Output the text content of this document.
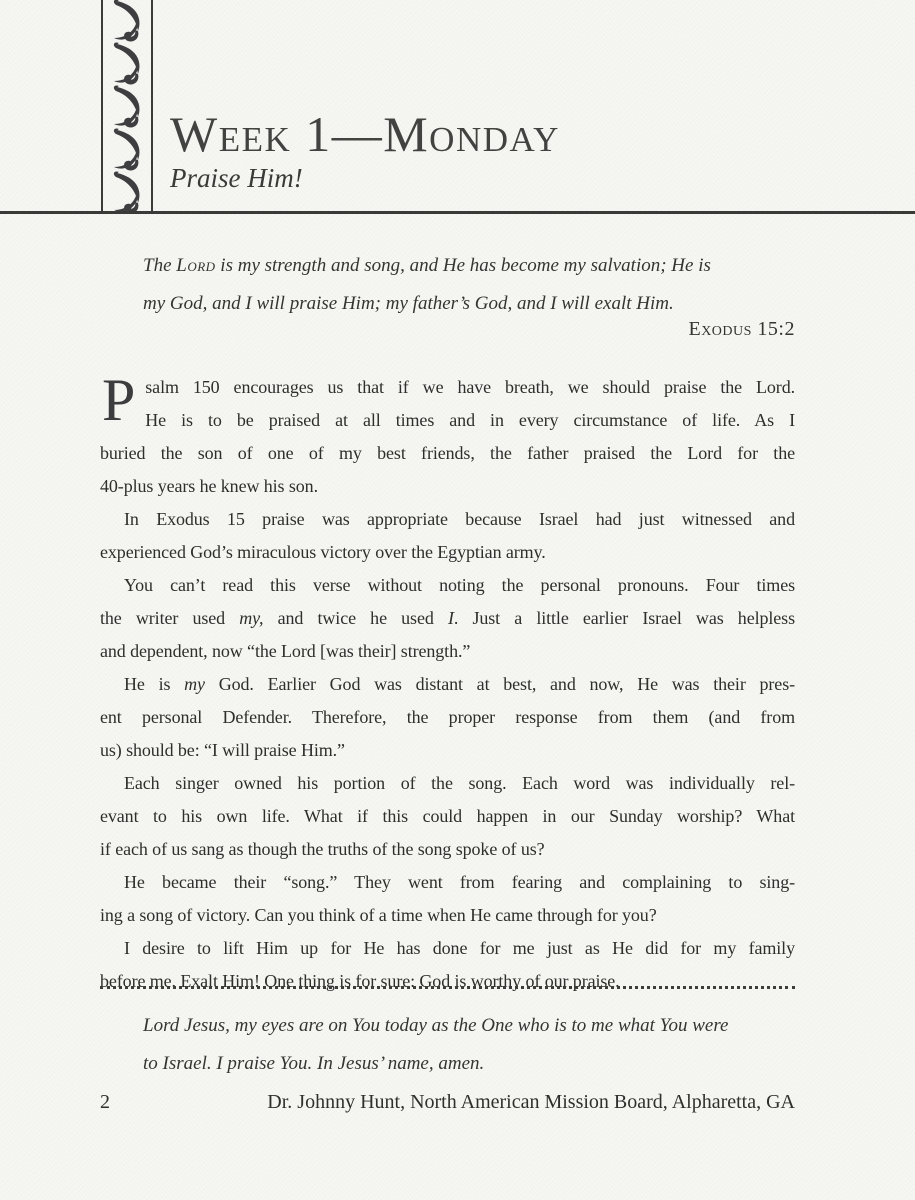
Week 1—Monday
Praise Him!
The Lord is my strength and song, and He has become my salvation; He is
my God, and I will praise Him; my father’s God, and I will exalt Him.
Exodus 15:2
P salm 150 encourages us that if we have breath, we should praise the Lord.
He is to be praised at all times and in every circumstance of life. As I
buried the son of one of my best friends, the father praised the Lord for the
40-plus years he knew his son.
In Exodus 15 praise was appropriate because Israel had just witnessed and
experienced God’s miraculous victory over the Egyptian army.
You can’t read this verse without noting the personal pronouns. Four times
the writer used my, and twice he used I. Just a little earlier Israel was helpless
and dependent, now “the Lord [was their] strength.”
He is my God. Earlier God was distant at best, and now, He was their pres-
ent personal Defender. Therefore, the proper response from them (and from
us) should be: “I will praise Him.”
Each singer owned his portion of the song. Each word was individually rel-
evant to his own life. What if this could happen in our Sunday worship? What
if each of us sang as though the truths of the song spoke of us?
He became their “song.” They went from fearing and complaining to sing-
ing a song of victory. Can you think of a time when He came through for you?
I desire to lift Him up for He has done for me just as He did for my family
before me. Exalt Him! One thing is for sure: God is worthy of our praise.
Lord Jesus, my eyes are on You today as the One who is to me what You were
to Israel. I praise You. In Jesus’ name, amen.
2	Dr. Johnny Hunt, North American Mission Board, Alpharetta, GA
